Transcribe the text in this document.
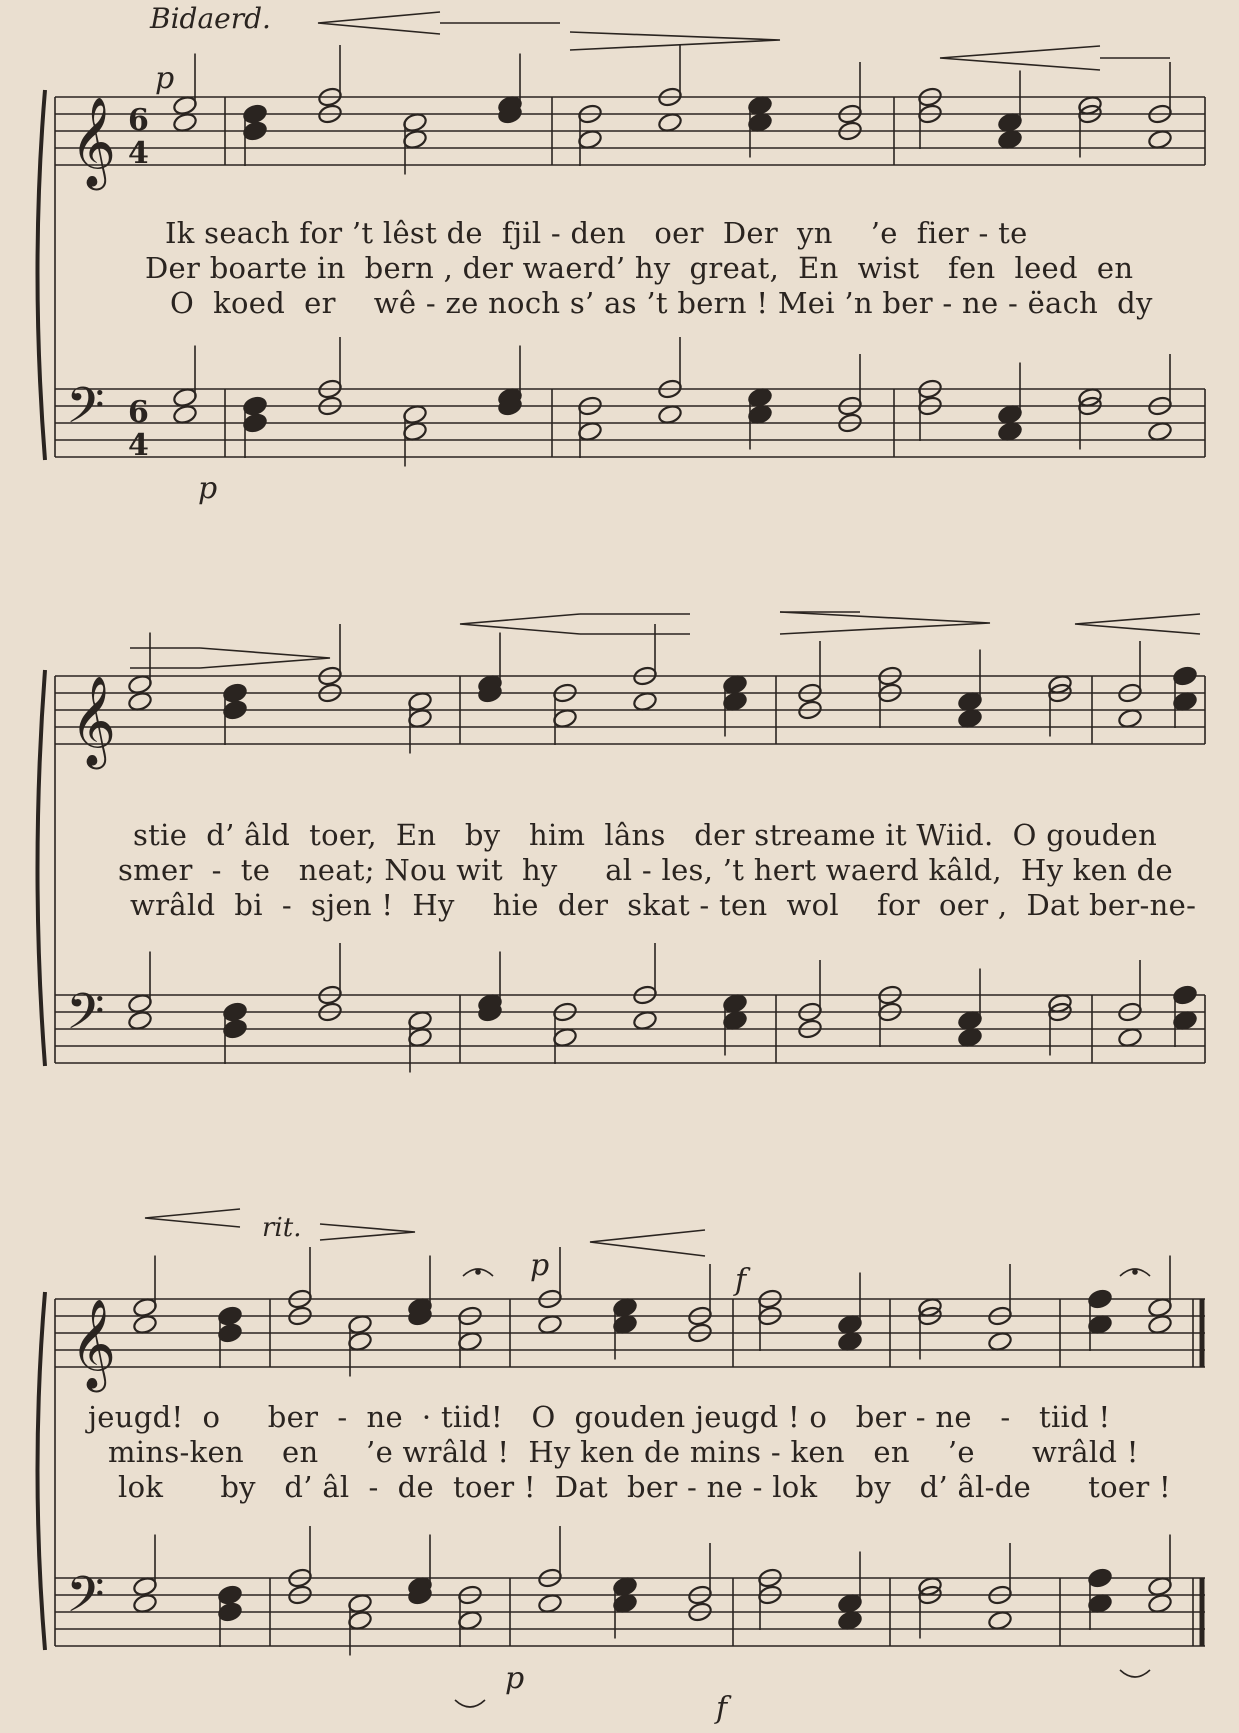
Bidaerd.
𝄞
𝄢
6
4
6
4
p
p
𝄞
𝄢
𝄞
𝄢
rit.
p	f
p
f
Ik seach for ’t lêst de  fjil - den   oer  Der  yn    ’e  fier - te
Der boarte in  bern , der waerd’ hy  great,  En  wist   fen  leed  en
O  koed  er    wê - ze noch s’ as ’t bern ! Mei ’n ber - ne - ëach  dy
stie  d’ âld  toer,  En   by   him  lâns   der streame it Wiid.  O gouden
smer  -  te   neat; Nou wit  hy     al - les, ’t hert waerd kâld,  Hy ken de
wrâld  bi  -  sjen !  Hy    hie  der  skat - ten  wol    for  oer ,  Dat ber-ne-
jeugd!  o     ber  -  ne  · tiid!   O  gouden jeugd ! o   ber - ne   -   tiid !
mins-ken    en     ’e wrâld !  Hy ken de mins - ken   en    ’e      wrâld !
lok      by   d’ âl  -  de  toer !  Dat  ber - ne - lok    by   d’ âl-de      toer !
